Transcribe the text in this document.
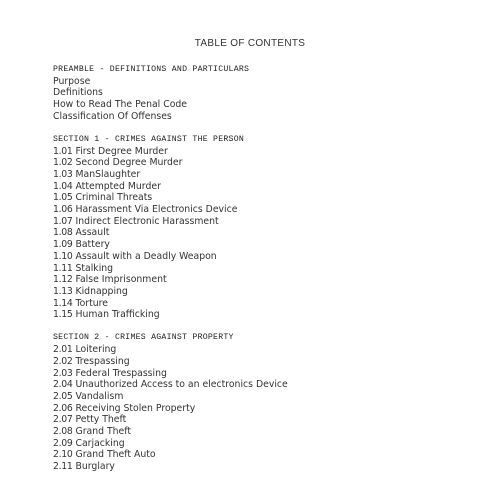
TABLE OF CONTENTS
PREAMBLE - DEFINITIONS AND PARTICULARS
Purpose
Definitions
How to Read The Penal Code
Classification Of Offenses
SECTION 1 - CRIMES AGAINST THE PERSON
1.01 First Degree Murder
1.02 Second Degree Murder
1.03 ManSlaughter
1.04 Attempted Murder
1.05 Criminal Threats
1.06 Harassment Via Electronics Device
1.07 Indirect Electronic Harassment
1.08 Assault
1.09 Battery
1.10 Assault with a Deadly Weapon
1.11 Stalking
1.12 False Imprisonment
1.13 Kidnapping
1.14 Torture
1.15 Human Trafficking
SECTION 2 - CRIMES AGAINST PROPERTY
2.01 Loitering
2.02 Trespassing
2.03 Federal Trespassing
2.04 Unauthorized Access to an electronics Device
2.05 Vandalism
2.06 Receiving Stolen Property
2.07 Petty Theft
2.08 Grand Theft
2.09 Carjacking
2.10 Grand Theft Auto
2.11 Burglary
